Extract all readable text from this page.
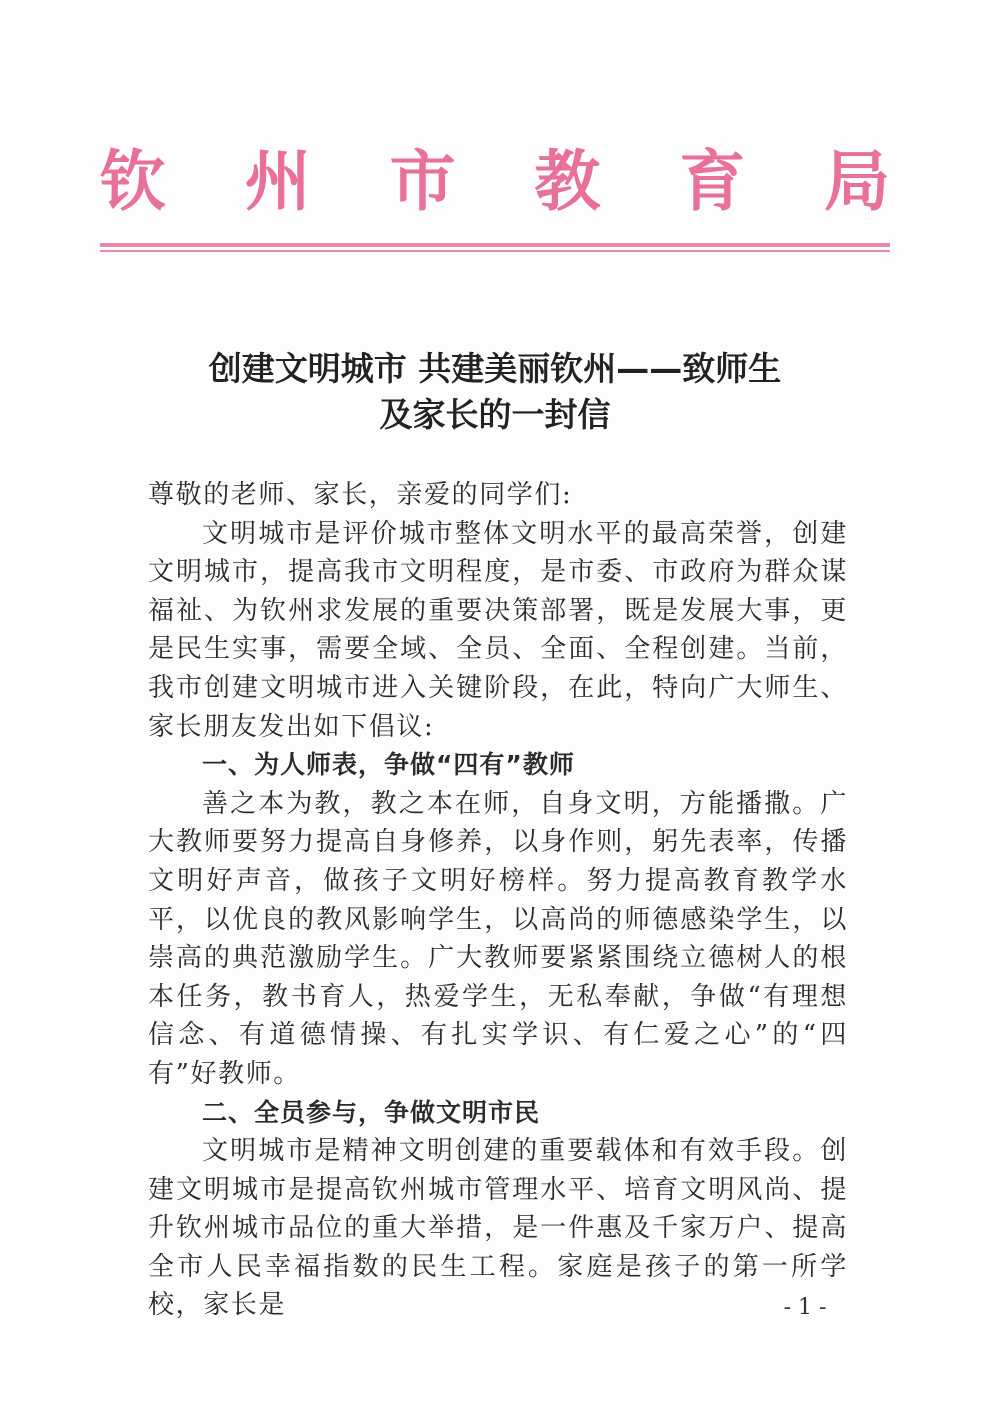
钦 州 市 教 育 局
创建文明城市 共建美丽钦州——致师生
及家长的一封信

尊敬的老师、家长，亲爱的同学们:

文明城市是评价城市整体文明水平的最高荣誉，创建文明城市，提高我市文明程度，是市委、市政府为群众谋福祉、为钦州求发展的重要决策部署，既是发展大事，更是民生实事，需要全域、全员、全面、全程创建。当前，我市创建文明城市进入关键阶段，在此，特向广大师生、家长朋友发出如下倡议:

一、为人师表，争做“四有”教师

善之本为教，教之本在师，自身文明，方能播撒。广大教师要努力提高自身修养，以身作则，躬先表率，传播文明好声音，做孩子文明好榜样。努力提高教育教学水平，以优良的教风影响学生，以高尚的师德感染学生，以崇高的典范激励学生。广大教师要紧紧围绕立德树人的根本任务，教书育人，热爱学生，无私奉献，争做“有理想信念、有道德情操、有扎实学识、有仁爱之心”的“四有”好教师。

二、全员参与，争做文明市民

文明城市是精神文明创建的重要载体和有效手段。创建文明城市是提高钦州城市管理水平、培育文明风尚、提升钦州城市品位的重大举措，是一件惠及千家万户、提高全市人民幸福指数的民生工程。家庭是孩子的第一所学校，家长是	- 1 -
